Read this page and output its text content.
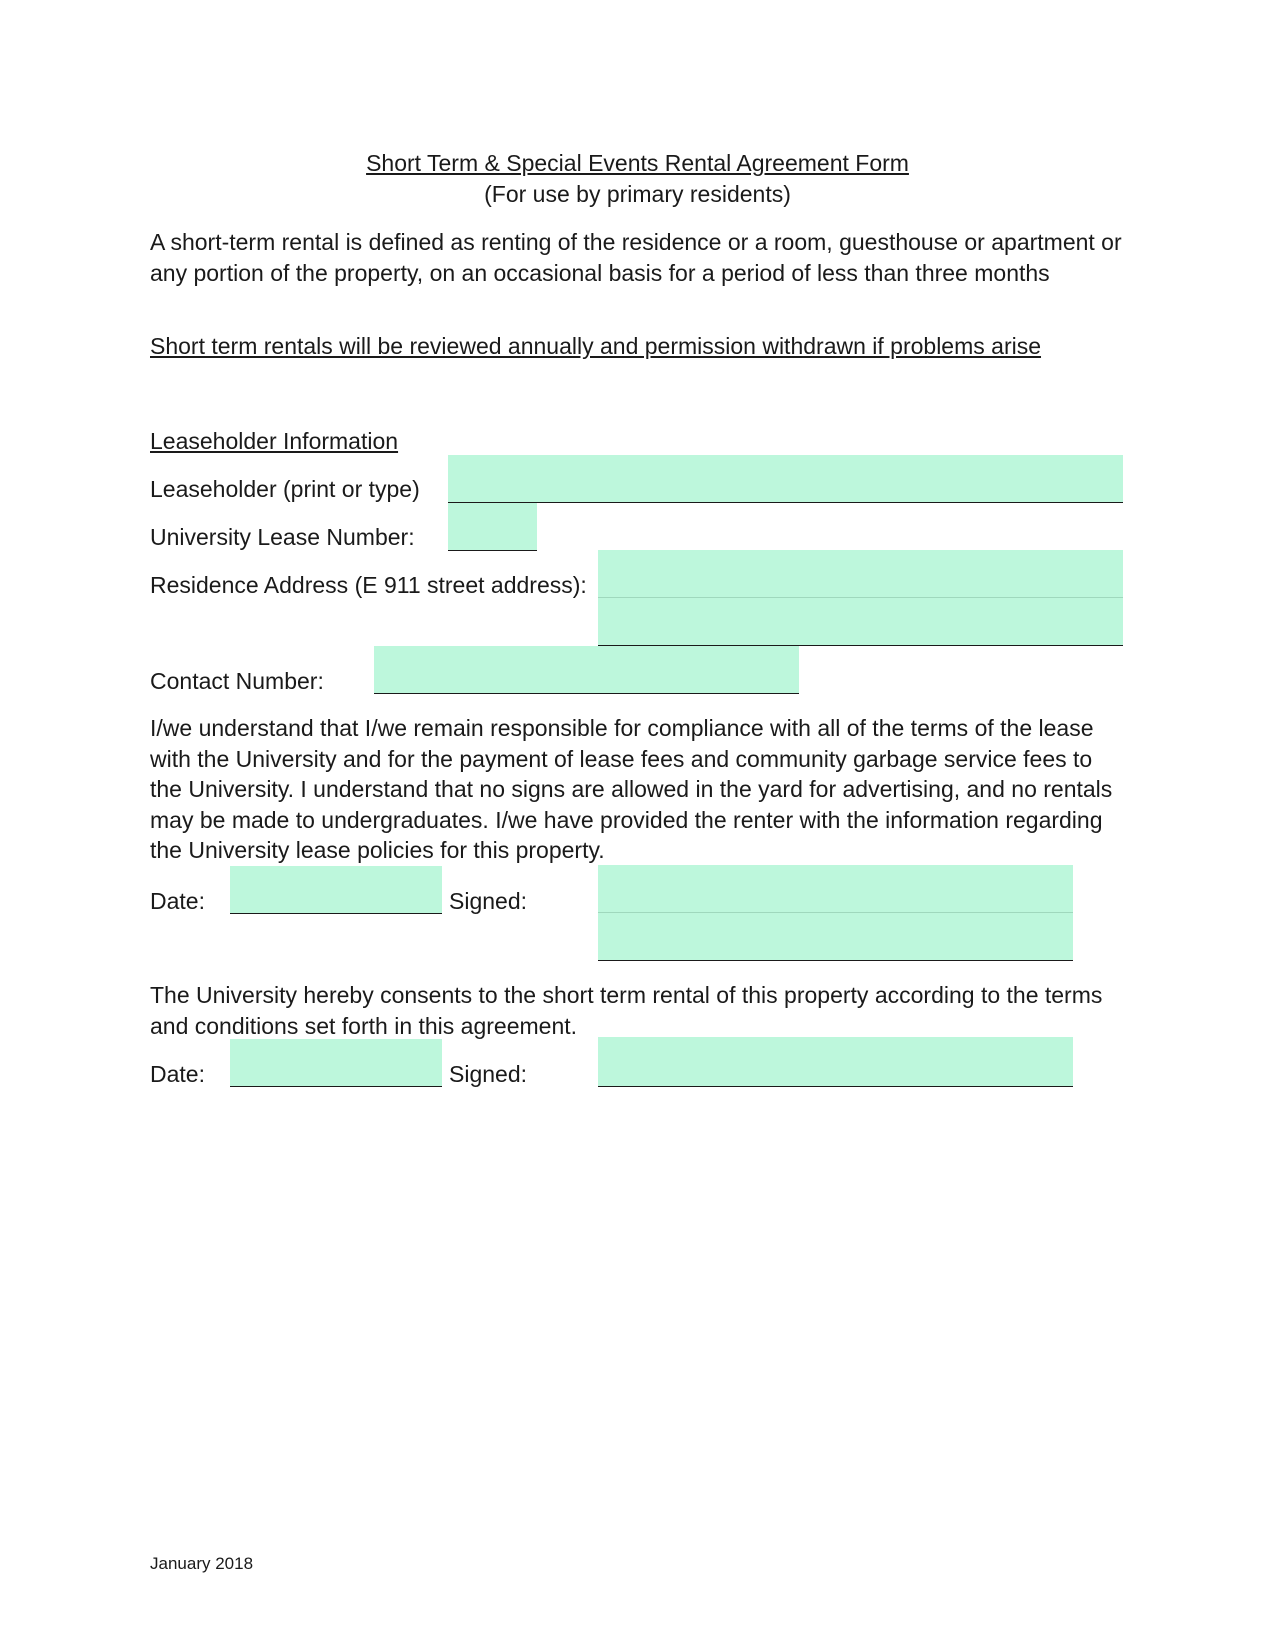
Short Term & Special Events Rental Agreement Form
(For use by primary residents)
A short-term rental is defined as renting of the residence or a room, guesthouse or apartment or any portion of the property, on an occasional basis for a period of less than three months
Short term rentals will be reviewed annually and permission withdrawn if problems arise
Leaseholder Information
Leaseholder (print or type)
University Lease Number:
Residence Address (E 911 street address):
Contact Number:
I/we understand that I/we remain responsible for compliance with all of the terms of the lease with the University and for the payment of lease fees and community garbage service fees to the University. I understand that no signs are allowed in the yard for advertising, and no rentals may be made to undergraduates. I/we have provided the renter with the information regarding the University lease policies for this property.
Date:	Signed:
The University hereby consents to the short term rental of this property according to the terms and conditions set forth in this agreement.
Date:	Signed:
January 2018
